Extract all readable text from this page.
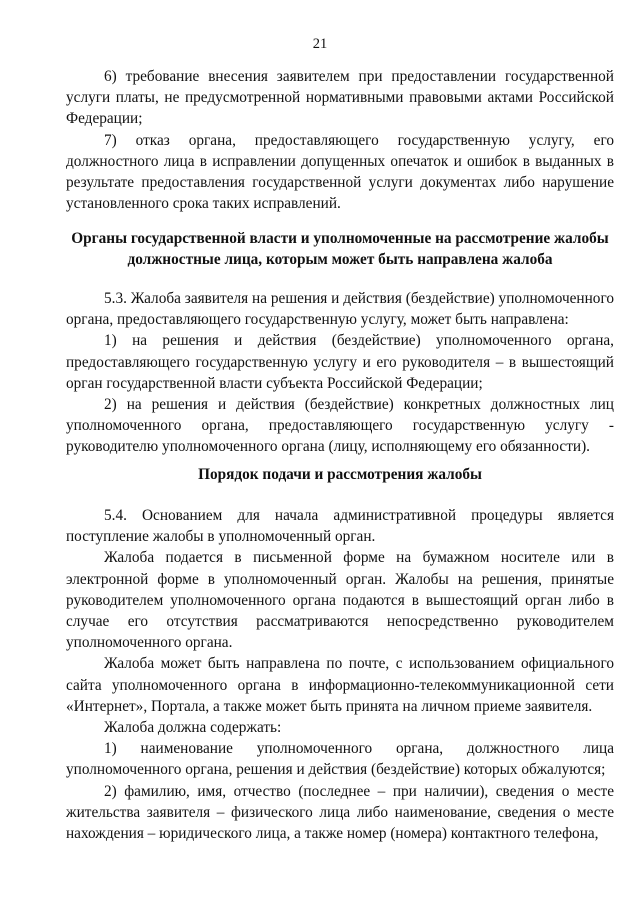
21

6) требование внесения заявителем при предоставлении государственной услуги платы, не предусмотренной нормативными правовыми актами Российской Федерации;

7) отказ органа, предоставляющего государственную услугу, его должностного лица в исправлении допущенных опечаток и ошибок в выданных в результате предоставления государственной услуги документах либо нарушение установленного срока таких исправлений.

Органы государственной власти и уполномоченные на рассмотрение жалобы должностные лица, которым может быть направлена жалоба

5.3. Жалоба заявителя на решения и действия (бездействие) уполномоченного органа, предоставляющего государственную услугу, может быть направлена:

1) на решения и действия (бездействие) уполномоченного органа, предоставляющего государственную услугу и его руководителя – в вышестоящий орган государственной власти субъекта Российской Федерации;

2) на решения и действия (бездействие) конкретных должностных лиц уполномоченного органа, предоставляющего государственную услугу - руководителю уполномоченного органа (лицу, исполняющему его обязанности).

Порядок подачи и рассмотрения жалобы

5.4. Основанием для начала административной процедуры является поступление жалобы в уполномоченный орган.

Жалоба подается в письменной форме на бумажном носителе или в электронной форме в уполномоченный орган. Жалобы на решения, принятые руководителем уполномоченного органа подаются в вышестоящий орган либо в случае его отсутствия рассматриваются непосредственно руководителем уполномоченного органа.

Жалоба может быть направлена по почте, с использованием официального сайта уполномоченного органа в информационно-телекоммуникационной сети «Интернет», Портала, а также может быть принята на личном приеме заявителя.

Жалоба должна содержать:

1) наименование уполномоченного органа, должностного лица уполномоченного органа, решения и действия (бездействие) которых обжалуются;

2) фамилию, имя, отчество (последнее – при наличии), сведения о месте жительства заявителя – физического лица либо наименование, сведения о месте нахождения – юридического лица, а также номер (номера) контактного телефона,
